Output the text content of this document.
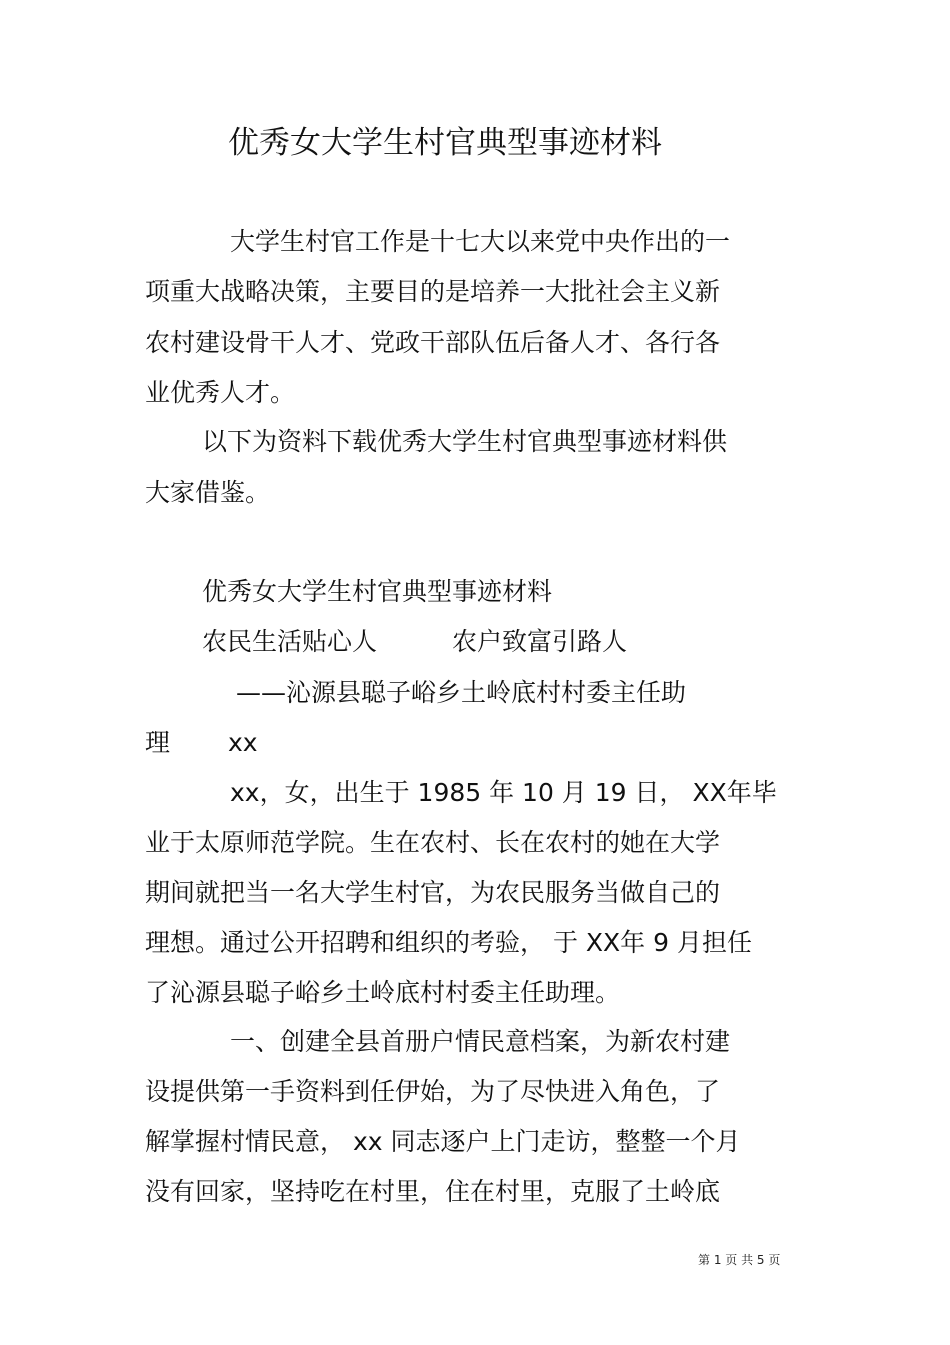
优秀女大学生村官典型事迹材料
大学生村官工作是十七大以来党中央作出的一
项重大战略决策，主要目的是培养一大批社会主义新
农村建设骨干人才、党政干部队伍后备人才、各行各
业优秀人才。
以下为资料下载优秀大学生村官典型事迹材料供
大家借鉴。
优秀女大学生村官典型事迹材料
农民生活贴心人　　　农户致富引路人
——沁源县聪子峪乡土岭底村村委主任助
理　　 xx
xx，女，出生于 1985 年 10 月 19 日， XX年毕
业于太原师范学院。生在农村、长在农村的她在大学
期间就把当一名大学生村官，为农民服务当做自己的
理想。通过公开招聘和组织的考验， 于 XX年 9 月担任
了沁源县聪子峪乡土岭底村村委主任助理。
一、创建全县首册户情民意档案，为新农村建
设提供第一手资料到任伊始，为了尽快进入角色，了
解掌握村情民意， xx 同志逐户上门走访，整整一个月
没有回家，坚持吃在村里，住在村里，克服了土岭底
第 1 页 共 5 页
